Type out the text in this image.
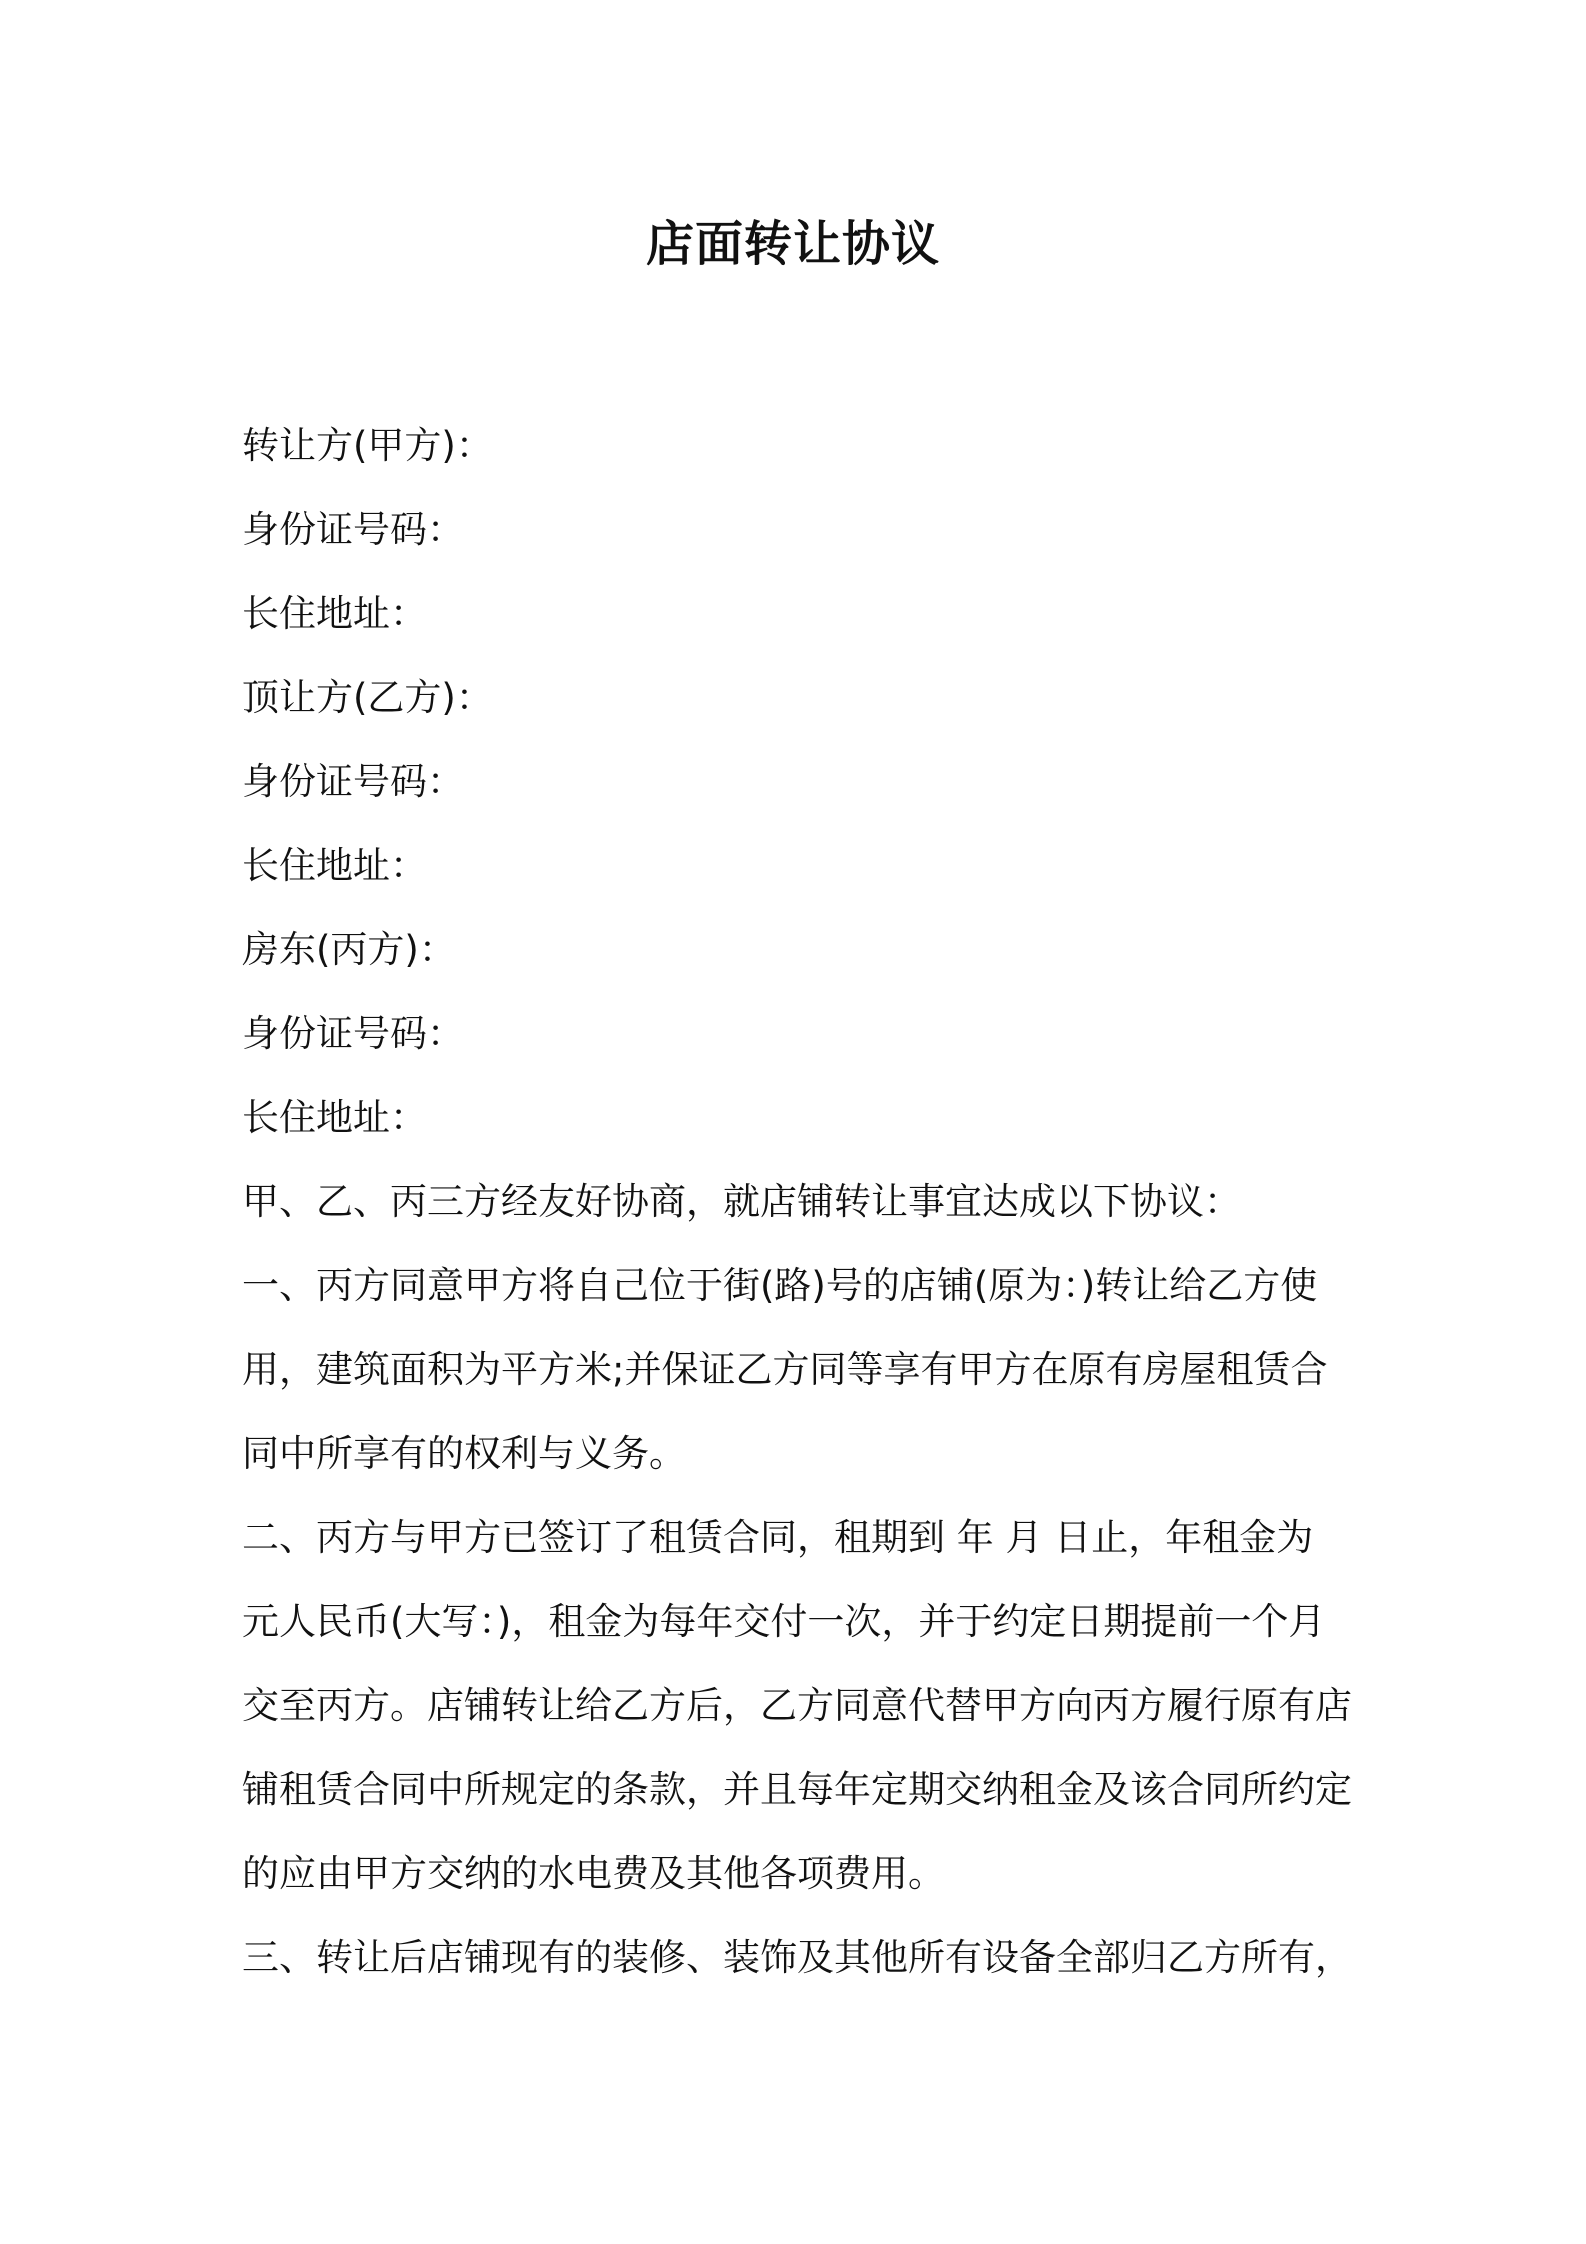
店面转让协议
转让方(甲方)：
身份证号码：
长住地址：
顶让方(乙方)：
身份证号码：
长住地址：
房东(丙方)：
身份证号码：
长住地址：
甲、乙、丙三方经友好协商，就店铺转让事宜达成以下协议：
一、丙方同意甲方将自己位于街(路)号的店铺(原为：)转让给乙方使
用，建筑面积为平方米;并保证乙方同等享有甲方在原有房屋租赁合
同中所享有的权利与义务。
二、丙方与甲方已签订了租赁合同，租期到 年 月 日止，年租金为
元人民币(大写：)，租金为每年交付一次，并于约定日期提前一个月
交至丙方。店铺转让给乙方后，乙方同意代替甲方向丙方履行原有店
铺租赁合同中所规定的条款，并且每年定期交纳租金及该合同所约定
的应由甲方交纳的水电费及其他各项费用。
三、转让后店铺现有的装修、装饰及其他所有设备全部归乙方所有，
